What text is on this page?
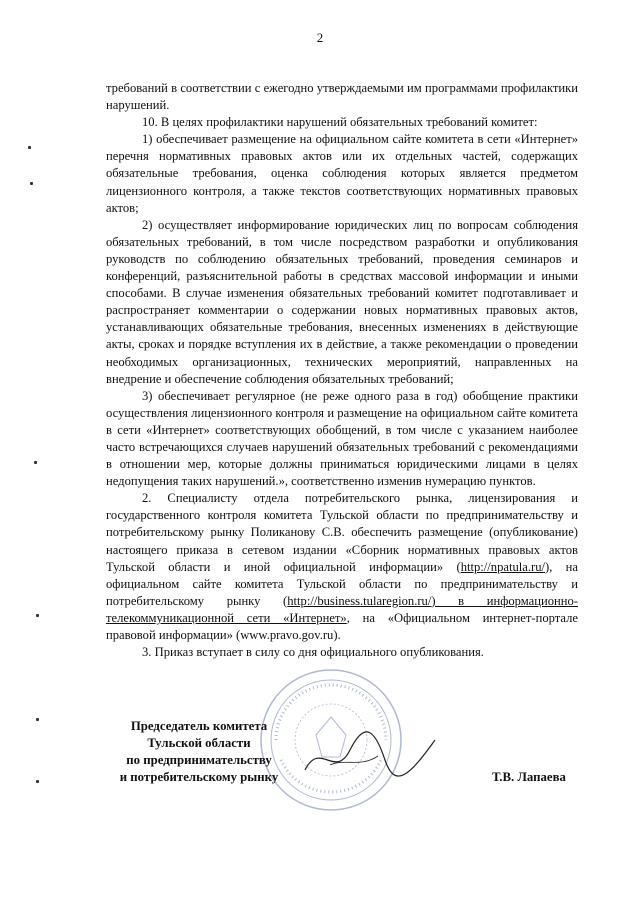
2

требований в соответствии с ежегодно утверждаемыми им программами профилактики нарушений.

10. В целях профилактики нарушений обязательных требований комитет:

1) обеспечивает размещение на официальном сайте комитета в сети «Интернет» перечня нормативных правовых актов или их отдельных частей, содержащих обязательные требования, оценка соблюдения которых является предметом лицензионного контроля, а также текстов соответствующих нормативных правовых актов;

2) осуществляет информирование юридических лиц по вопросам соблюдения обязательных требований, в том числе посредством разработки и опубликования руководств по соблюдению обязательных требований, проведения семинаров и конференций, разъяснительной работы в средствах массовой информации и иными способами. В случае изменения обязательных требований комитет подготавливает и распространяет комментарии о содержании новых нормативных правовых актов, устанавливающих обязательные требования, внесенных изменениях в действующие акты, сроках и порядке вступления их в действие, а также рекомендации о проведении необходимых организационных, технических мероприятий, направленных на внедрение и обеспечение соблюдения обязательных требований;

3) обеспечивает регулярное (не реже одного раза в год) обобщение практики осуществления лицензионного контроля и размещение на официальном сайте комитета в сети «Интернет» соответствующих обобщений, в том числе с указанием наиболее часто встречающихся случаев нарушений обязательных требований с рекомендациями в отношении мер, которые должны приниматься юридическими лицами в целях недопущения таких нарушений.», соответственно изменив нумерацию пунктов.

2. Специалисту отдела потребительского рынка, лицензирования и государственного контроля комитета Тульской области по предпринимательству и потребительскому рынку Поликанову С.В. обеспечить размещение (опубликование) настоящего приказа в сетевом издании «Сборник нормативных правовых актов Тульской области и иной официальной информации» (http://npatula.ru/), на официальном сайте комитета Тульской области по предпринимательству и потребительскому рынку (http://business.tularegion.ru/) в информационно-телекоммуникационной сети «Интернет», на «Официальном интернет-портале правовой информации» (www.pravo.gov.ru).

3. Приказ вступает в силу со дня официального опубликования.

Председатель комитета
Тульской области
по предпринимательству
и потребительскому рынку	Т.В. Лапаева
